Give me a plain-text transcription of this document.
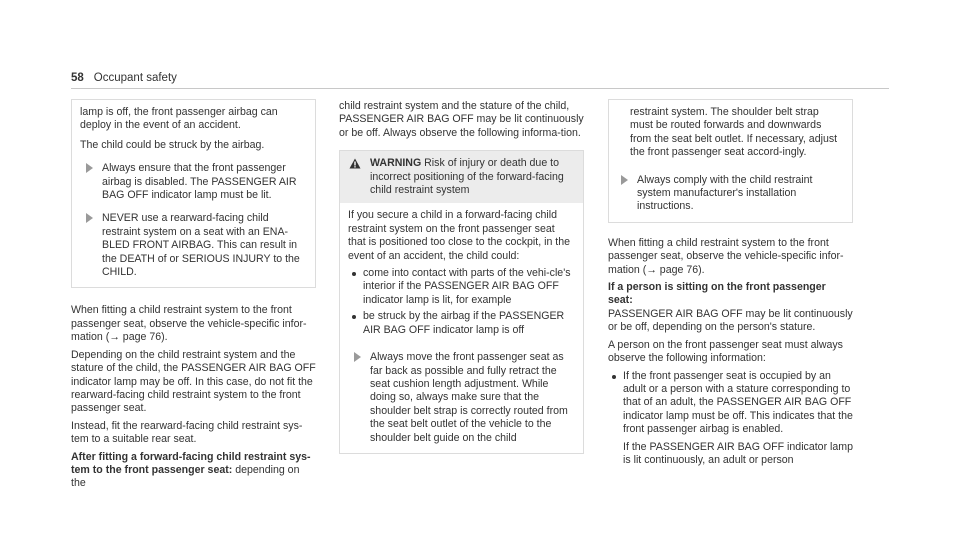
58 Occupant safety

lamp is off, the front passenger airbag can deploy in the event of an accident.

The child could be struck by the airbag.

Always ensure that the front passenger airbag is disabled. The PASSENGER AIR BAG OFF indicator lamp must be lit.

NEVER use a rearward-facing child restraint system on a seat with an ENA-BLED FRONT AIRBAG. This can result in the DEATH of or SERIOUS INJURY to the CHILD.

When fitting a child restraint system to the front passenger seat, observe the vehicle-specific infor-mation (→ page 76).

Depending on the child restraint system and the stature of the child, the PASSENGER AIR BAG OFF indicator lamp may be off. In this case, do not fit the rearward-facing child restraint system to the front passenger seat.

Instead, fit the rearward-facing child restraint sys-tem to a suitable rear seat.

After fitting a forward-facing child restraint sys-tem to the front passenger seat: depending on the

child restraint system and the stature of the child, PASSENGER AIR BAG OFF may be lit continuously or be off. Always observe the following informa-tion.

WARNING Risk of injury or death due to incorrect positioning of the forward-facing child restraint system

If you secure a child in a forward-facing child restraint system on the front passenger seat that is positioned too close to the cockpit, in the event of an accident, the child could:

come into contact with parts of the vehi-cle's interior if the PASSENGER AIR BAG OFF indicator lamp is lit, for example
be struck by the airbag if the PASSENGER AIR BAG OFF indicator lamp is off

Always move the front passenger seat as far back as possible and fully retract the seat cushion length adjustment. While doing so, always make sure that the shoulder belt strap is correctly routed from the seat belt outlet of the vehicle to the shoulder belt guide on the child

restraint system. The shoulder belt strap must be routed forwards and downwards from the seat belt outlet. If necessary, adjust the front passenger seat accord-ingly.

Always comply with the child restraint system manufacturer's installation instructions.

When fitting a child restraint system to the front passenger seat, observe the vehicle-specific infor-mation (→ page 76).

If a person is sitting on the front passenger seat:

PASSENGER AIR BAG OFF may be lit continuously or be off, depending on the person's stature.

A person on the front passenger seat must always observe the following information:

If the front passenger seat is occupied by an adult or a person with a stature corresponding to that of an adult, the PASSENGER AIR BAG OFF indicator lamp must be off. This indicates that the front passenger airbag is enabled.

If the PASSENGER AIR BAG OFF indicator lamp is lit continuously, an adult or person
